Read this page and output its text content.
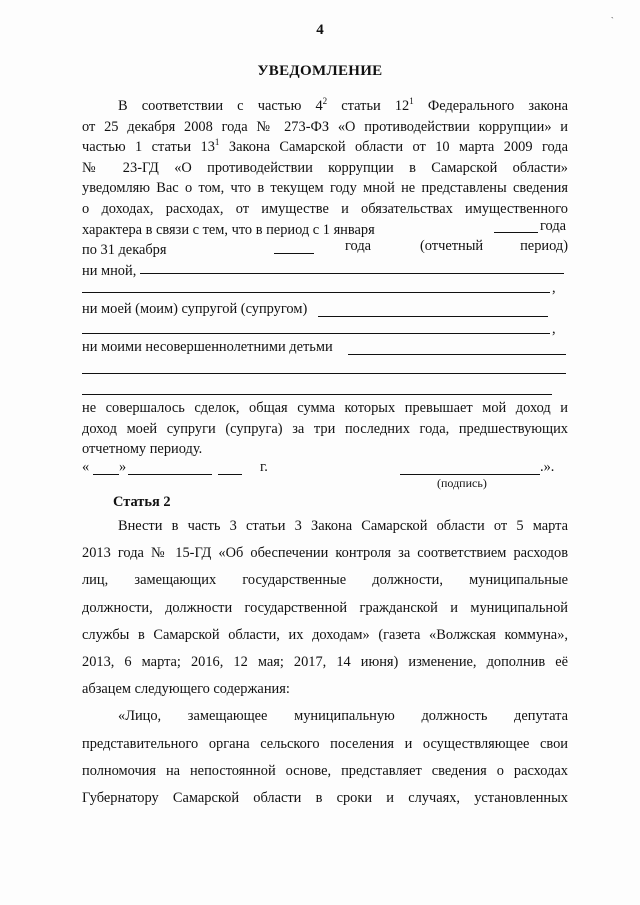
ˎ
4
УВЕДОМЛЕНИЕ
В соответствии с частью $4^2$ статьи $12^1$ Федерального закона
от 25 декабря 2008 года № 273-ФЗ «О противодействии коррупции» и
частью 1 статьи $13^1$ Закона Самарской области от 10 марта 2009 года
№ 23-ГД «О противодействии коррупции в Самарской области»
уведомляю Вас о том, что в текущем году мной не представлены сведения
о доходах, расходах, от имуществе и обязательствах имущественного
характера в связи с тем, что в период с 1 января
по 31 декабря
ни мной,
года
года	(отчетный период)
,
ни моей (моим) супругой (супругом)
,
ни моими несовершеннолетними детьми
не совершалось сделок, общая сумма которых превышает мой доход и
доход моей супруги (супруга) за три последних года, предшествующих
отчетному периоду.
« »	г.	.».
(подпись)
Статья 2
Внести в часть 3 статьи 3 Закона Самарской области от 5 марта
2013 года № 15-ГД «Об обеспечении контроля за соответствием расходов
лиц, замещающих государственные должности, муниципальные
должности, должности государственной гражданской и муниципальной
службы в Самарской области, их доходам» (газета «Волжская коммуна»,
2013, 6 марта; 2016, 12 мая; 2017, 14 июня) изменение, дополнив её
абзацем следующего содержания:
«Лицо, замещающее муниципальную должность депутата
представительного органа сельского поселения и осуществляющее свои
полномочия на непостоянной основе, представляет сведения о расходах
Губернатору Самарской области в сроки и случаях, установленных
